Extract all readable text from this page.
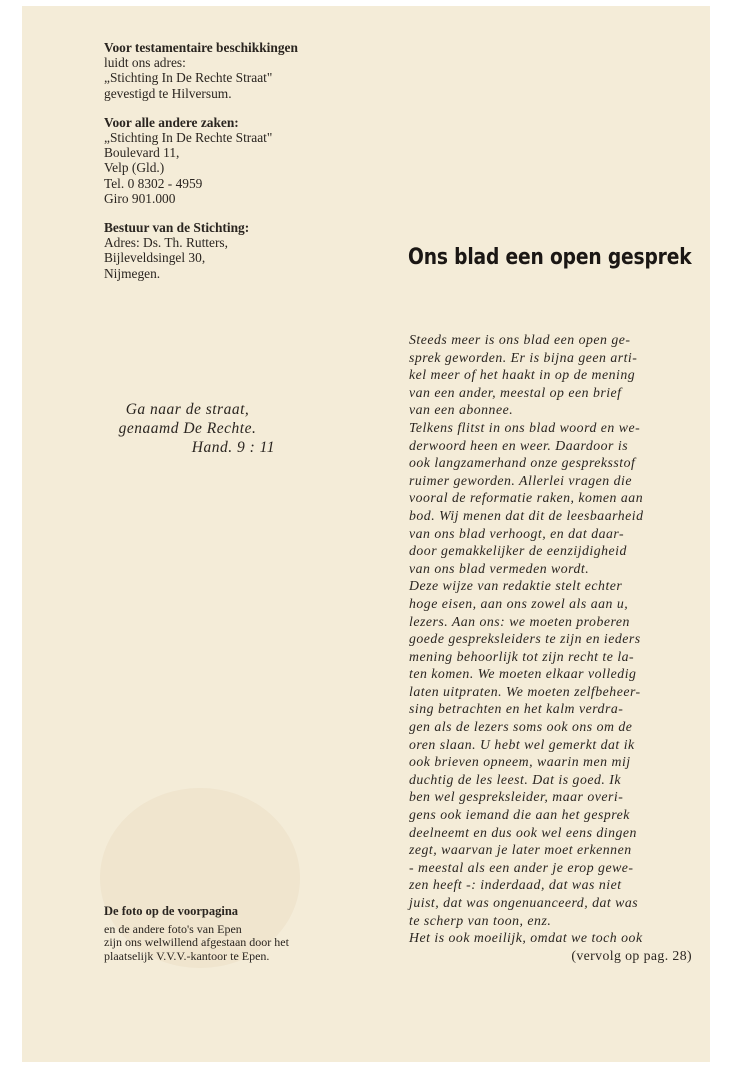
Voor testamentaire beschikkingen

luidt ons adres:

„Stichting In De Rechte Straat"

gevestigd te Hilversum.

Voor alle andere zaken:

„Stichting In De Rechte Straat"

Boulevard 11,

Velp (Gld.)

Tel. 0 8302 - 4959

Giro 901.000

Bestuur van de Stichting:

Adres: Ds. Th. Rutters,

Bijleveldsingel 30,

Nijmegen.

Ga naar de straat,

genaamd De Rechte.

Hand. 9 : 11

De foto op de voorpagina

en de andere foto's van Epen

zijn ons welwillend afgestaan door het

plaatselijk V.V.V.-kantoor te Epen.

Ons blad een open gesprek

Steeds meer is ons blad een open ge-

sprek geworden. Er is bijna geen arti-

kel meer of het haakt in op de mening

van een ander, meestal op een brief

van een abonnee.

Telkens flitst in ons blad woord en we-

derwoord heen en weer. Daardoor is

ook langzamerhand onze gespreksstof

ruimer geworden. Allerlei vragen die

vooral de reformatie raken, komen aan

bod. Wij menen dat dit de leesbaarheid

van ons blad verhoogt, en dat daar-

door gemakkelijker de eenzijdigheid

van ons blad vermeden wordt.

Deze wijze van redaktie stelt echter

hoge eisen, aan ons zowel als aan u,

lezers. Aan ons: we moeten proberen

goede gespreksleiders te zijn en ieders

mening behoorlijk tot zijn recht te la-

ten komen. We moeten elkaar volledig

laten uitpraten. We moeten zelfbeheer-

sing betrachten en het kalm verdra-

gen als de lezers soms ook ons om de

oren slaan. U hebt wel gemerkt dat ik

ook brieven opneem, waarin men mij

duchtig de les leest. Dat is goed. Ik

ben wel gespreksleider, maar overi-

gens ook iemand die aan het gesprek

deelneemt en dus ook wel eens dingen

zegt, waarvan je later moet erkennen

- meestal als een ander je erop gewe-

zen heeft -: inderdaad, dat was niet

juist, dat was ongenuanceerd, dat was

te scherp van toon, enz.

Het is ook moeilijk, omdat we toch ook

(vervolg op pag. 28)
